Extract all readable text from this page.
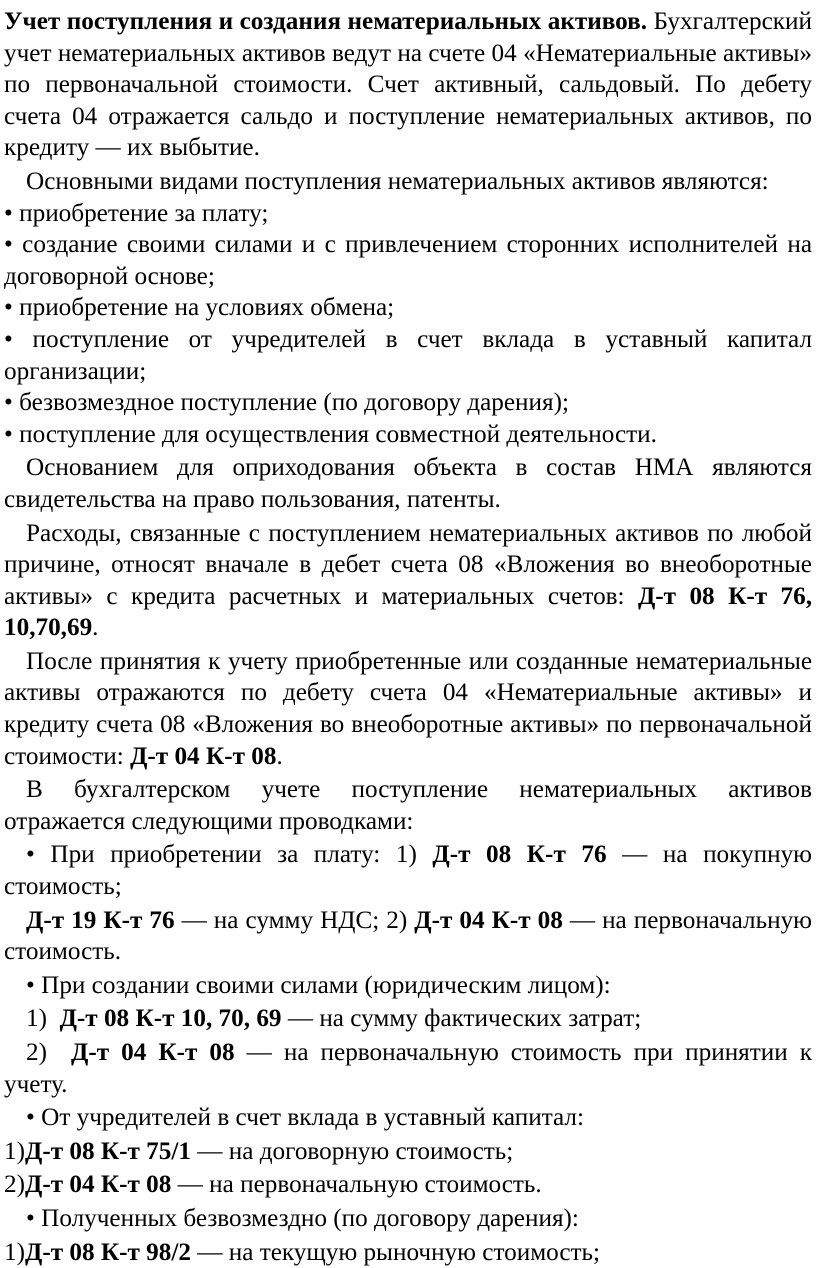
Учет поступления и создания нематериальных активов. Бухгалтерский учет нематериальных активов ведут на счете 04 «Нематериальные активы» по первоначальной стоимости. Счет активный, сальдовый. По дебету счета 04 отражается сальдо и поступление нематериальных активов, по кредиту — их выбытие.

Основными видами поступления нематериальных активов являются:

• приобретение за плату;

• создание своими силами и с привлечением сторонних исполнителей на договорной основе;

• приобретение на условиях обмена;

• поступление от учредителей в счет вклада в уставный капитал организации;

• безвозмездное поступление (по договору дарения);

• поступление для осуществления совместной деятельности.

Основанием для оприходования объекта в состав НМА являются свидетельства на право пользования, патенты.

Расходы, связанные с поступлением нематериальных активов по любой причине, относят вначале в дебет счета 08 «Вложения во внеоборотные активы» с кредита расчетных и материальных счетов: Д-т 08 К-т 76, 10,70,69.

После принятия к учету приобретенные или созданные нематериальные активы отражаются по дебету счета 04 «Нематериальные активы» и кредиту счета 08 «Вложения во внеоборотные активы» по первоначальной стоимости: Д-т 04 К-т 08.

В бухгалтерском учете поступление нематериальных активов отражается следующими проводками:

• При приобретении за плату: 1) Д-т 08 К-т 76 — на покупную стоимость;

Д-т 19 К-т 76 — на сумму НДС; 2) Д-т 04 К-т 08 — на первоначальную стоимость.

• При создании своими силами (юридическим лицом):

1) Д-т 08 К-т 10, 70, 69 — на сумму фактических затрат;

2) Д-т 04 К-т 08 — на первоначальную стоимость при принятии к учету.

• От учредителей в счет вклада в уставный капитал:

1)Д-т 08 К-т 75/1 — на договорную стоимость;

2)Д-т 04 К-т 08 — на первоначальную стоимость.

• Полученных безвозмездно (по договору дарения):

1)Д-т 08 К-т 98/2 — на текущую рыночную стоимость;
